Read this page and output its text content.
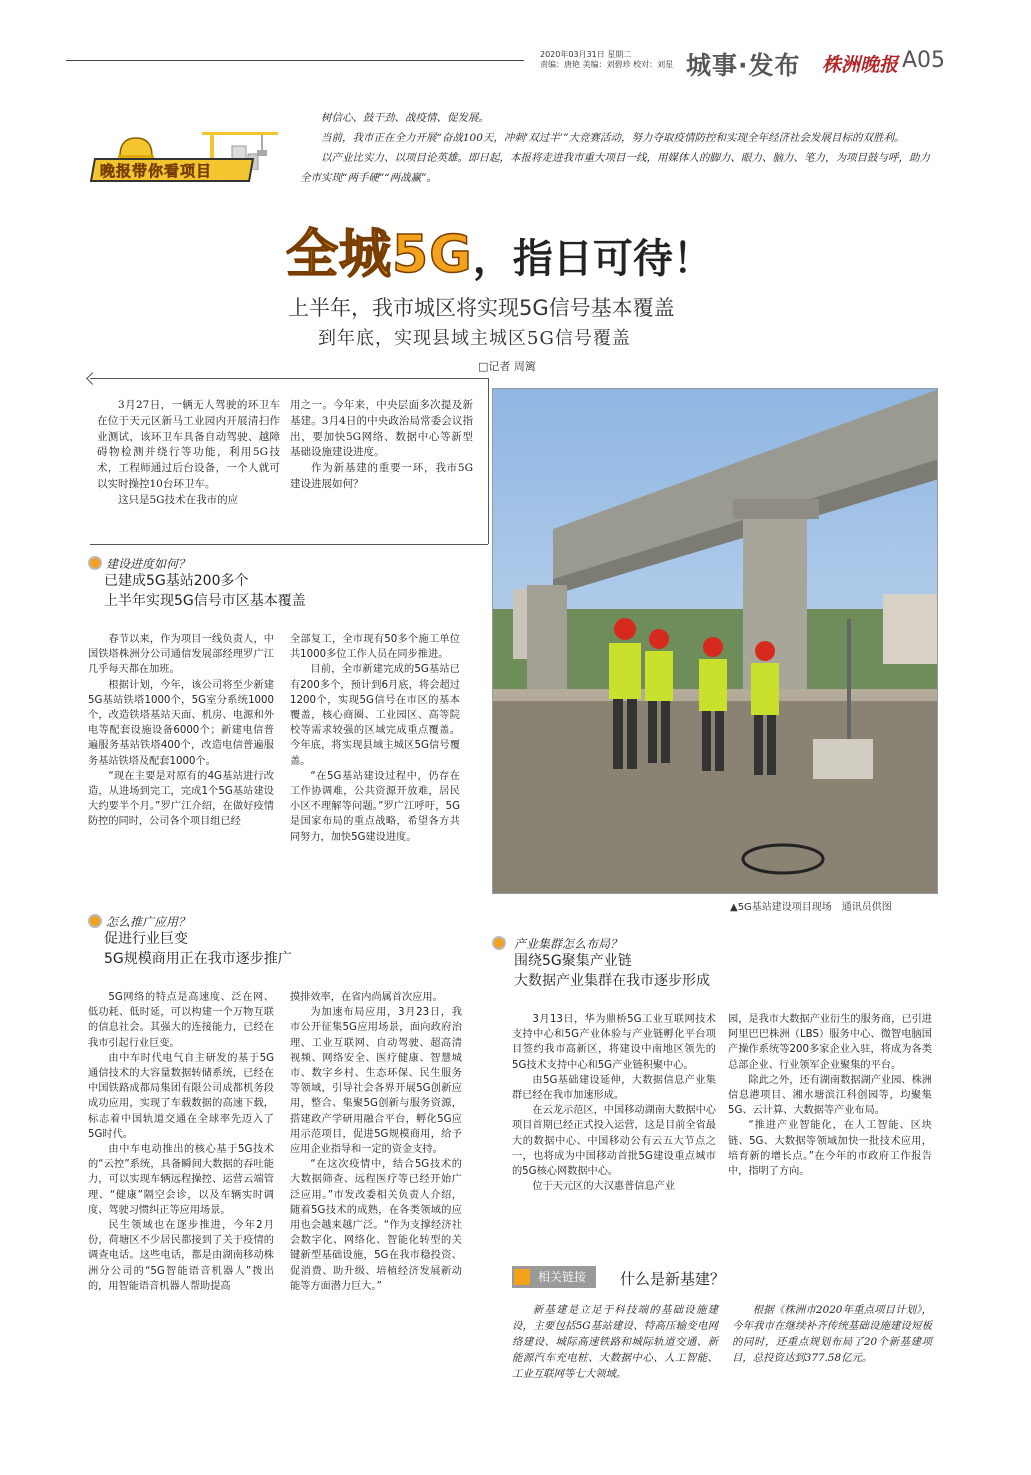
2020年03月31日 星期二
责编：唐艳 美编：刘碧珍 校对：刘星 城事·发布 株洲晚报 A05
晚报带你看项目

树信心、鼓干劲、战疫情、促发展。

当前，我市正在全力开展“奋战100天，冲刺‘双过半’”大竞赛活动，努力夺取疫情防控和实现全年经济社会发展目标的双胜利。

以产业比实力、以项目论英雄。即日起，本报将走进我市重大项目一线，用媒体人的脚力、眼力、脑力、笔力，为项目鼓与呼，助力全市实现“两手硬”“两战赢”。

全城5G，指日可待！
上半年，我市城区将实现5G信号基本覆盖
到年底，实现县域主城区5G信号覆盖
□记者 周篱

3月27日，一辆无人驾驶的环卫车在位于天元区新马工业园内开展清扫作业测试，该环卫车具备自动驾驶、越障碍物检测并绕行等功能，利用5G技术，工程师通过后台设备，一个人就可以实时操控10台环卫车。

这只是5G技术在我市的应

用之一。今年来，中央层面多次提及新基建。3月4日的中央政治局常委会议指出，要加快5G网络、数据中心等新型基础设施建设进度。

作为新基建的重要一环，我市5G建设进展如何？

▲5G基站建设项目现场　通讯员供图
建设进度如何？
已建成5G基站200多个
上半年实现5G信号市区基本覆盖

春节以来，作为项目一线负责人，中国铁塔株洲分公司通信发展部经理罗广江几乎每天都在加班。

根据计划，今年，该公司将至少新建5G基站铁塔1000个，5G室分系统1000个，改造铁塔基站天面、机房、电源和外电等配套设施设备6000个；新建电信普遍服务基站铁塔400个，改造电信普遍服务基站铁塔及配套1000个。

“现在主要是对原有的4G基站进行改造，从进场到完工，完成1个5G基站建设大约要半个月。”罗广江介绍，在做好疫情防控的同时，公司各个项目组已经

全部复工，全市现有50多个施工单位共1000多位工作人员在同步推进。

目前，全市新建完成的5G基站已有200多个，预计到6月底，将会超过1200个，实现5G信号在市区的基本覆盖，核心商圈、工业园区、高等院校等需求较强的区域完成重点覆盖。今年底，将实现县域主城区5G信号覆盖。

“在5G基站建设过程中，仍存在工作协调难，公共资源开放难，居民小区不理解等问题。”罗广江呼吁，5G是国家布局的重点战略，希望各方共同努力，加快5G建设进度。

怎么推广应用？
促进行业巨变
5G规模商用正在我市逐步推广

5G网络的特点是高速度、泛在网、低功耗、低时延，可以构建一个万物互联的信息社会。其强大的连接能力，已经在我市引起行业巨变。

由中车时代电气自主研发的基于5G通信技术的大容量数据转储系统，已经在中国铁路成都局集团有限公司成都机务段成功应用，实现了车载数据的高速下载，标志着中国轨道交通在全球率先迈入了5G时代。

由中车电动推出的核心基于5G技术的“云控”系统，具备瞬间大数据的吞吐能力，可以实现车辆远程操控、运营云端管理、“健康”隔空会诊，以及车辆实时调度、驾驶习惯纠正等应用场景。

民生领域也在逐步推进，今年2月份，荷塘区不少居民都接到了关于疫情的调查电话。这些电话，都是由湖南移动株洲分公司的“5G智能语音机器人”拨出的，用智能语音机器人帮助提高

摸排效率，在省内尚属首次应用。

为加速布局应用，3月23日，我市公开征集5G应用场景，面向政府治理、工业互联网、自动驾驶、超高清视频、网络安全、医疗健康、智慧城市、数字乡村、生态环保、民生服务等领域，引导社会各界开展5G创新应用，整合、集聚5G创新与服务资源，搭建政产学研用融合平台，孵化5G应用示范项目，促进5G规模商用，给予应用企业指导和一定的资金支持。

“在这次疫情中，结合5G技术的大数据筛查、远程医疗等已经开始广泛应用。”市发改委相关负责人介绍，随着5G技术的成熟，在各类领域的应用也会越来越广泛。“作为支撑经济社会数字化、网络化、智能化转型的关键新型基础设施，5G在我市稳投资、促消费、助升级、培植经济发展新动能等方面潜力巨大。”

产业集群怎么布局？
围绕5G聚集产业链
大数据产业集群在我市逐步形成

3月13日，华为鼎桥5G工业互联网技术支持中心和5G产业体验与产业链孵化平台项目签约我市高新区，将建设中南地区领先的5G技术支持中心和5G产业链积聚中心。

由5G基础建设延伸，大数据信息产业集群已经在我市加速形成。

在云龙示范区，中国移动湖南大数据中心项目首期已经正式投入运营，这是目前全省最大的数据中心、中国移动公有云五大节点之一，也将成为中国移动首批5G建设重点城市的5G核心网数据中心。

位于天元区的大汉惠普信息产业

园，是我市大数据产业衍生的服务商，已引进阿里巴巴株洲（LBS）服务中心、微智电脑国产操作系统等200多家企业入驻，将成为各类总部企业、行业领军企业聚集的平台。

除此之外，还有湖南数据湖产业园、株洲信息港项目、湘水塘滨江科创园等，均聚集5G、云计算、大数据等产业布局。

“推进产业智能化，在人工智能、区块链、5G、大数据等领域加快一批技术应用，培育新的增长点。”在今年的市政府工作报告中，指明了方向。

相关链接	什么是新基建？

新基建是立足于科技端的基础设施建设，主要包括5G基站建设、特高压输变电网络建设、城际高速铁路和城际轨道交通、新能源汽车充电桩、大数据中心、人工智能、工业互联网等七大领域。

根据《株洲市2020年重点项目计划》，今年我市在继续补齐传统基础设施建设短板的同时，还重点规划布局了20个新基建项目，总投资达到377.58亿元。
